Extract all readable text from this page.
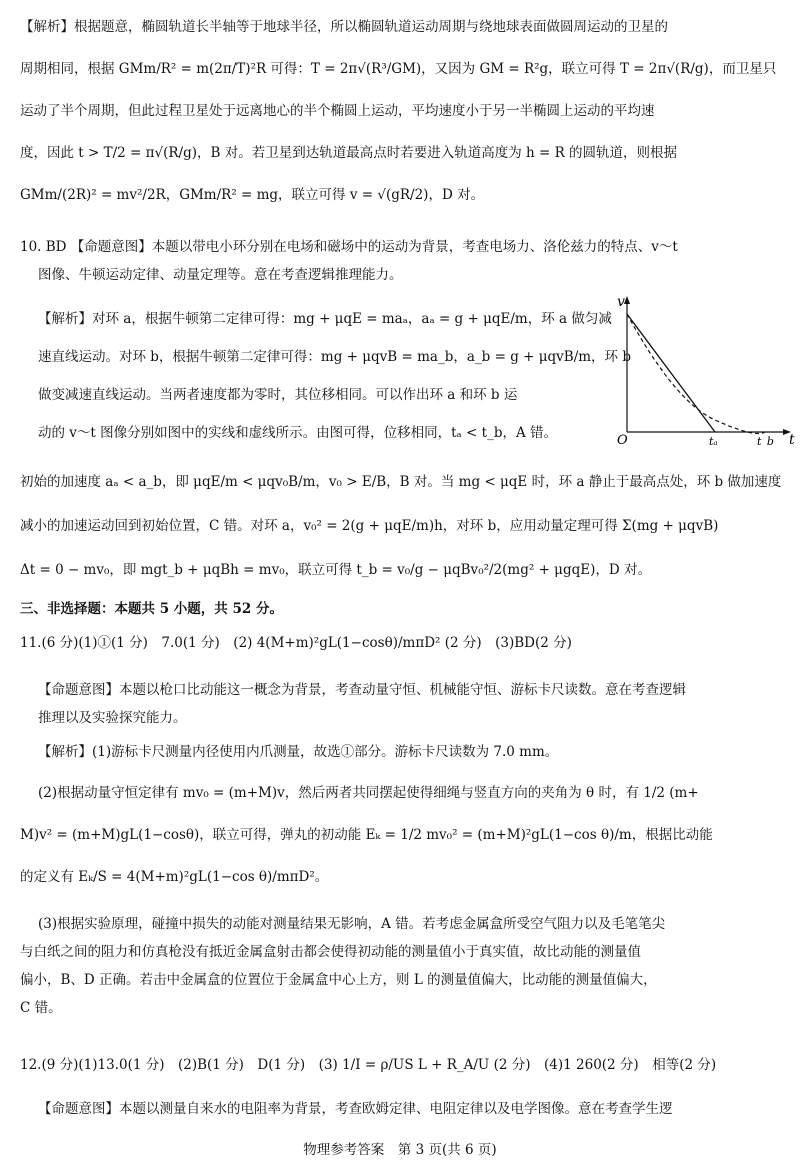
【解析】根据题意，椭圆轨道长半轴等于地球半径，所以椭圆轨道运动周期与绕地球表面做圆周运动的卫星的
周期相同，根据 GMm/R² = m(2π/T)²R 可得：T = 2π√(R³/GM)，又因为 GM = R²g，联立可得 T = 2π√(R/g)，而卫星只
运动了半个周期，但此过程卫星处于远离地心的半个椭圆上运动，平均速度小于另一半椭圆上运动的平均速
度，因此 t > T/2 = π√(R/g)，B 对。若卫星到达轨道最高点时若要进入轨道高度为 h = R 的圆轨道，则根据
GMm/(2R)² = mv²/2R，GMm/R² = mg，联立可得 v = √(gR/2)，D 对。
10. BD 【命题意图】本题以带电小环分别在电场和磁场中的运动为背景，考查电场力、洛伦兹力的特点、v～t
图像、牛顿运动定律、动量定理等。意在考查逻辑推理能力。
【解析】对环 a，根据牛顿第二定律可得：mg + μqE = maₐ，aₐ = g + μqE/m，环 a 做匀减
速直线运动。对环 b，根据牛顿第二定律可得：mg + μqvB = ma_b，a_b = g + μqvB/m，环 b
做变减速直线运动。当两者速度都为零时，其位移相同。可以作出环 a 和环 b 运
动的 v～t 图像分别如图中的实线和虚线所示。由图可得，位移相同，tₐ < t_b，A 错。
v
t
O	tₐ	t_b
初始的加速度 aₐ < a_b，即 μqE/m < μqv₀B/m，v₀ > E/B，B 对。当 mg < μqE 时，环 a 静止于最高点处，环 b 做加速度
减小的加速运动回到初始位置，C 错。对环 a，v₀² = 2(g + μqE/m)h，对环 b，应用动量定理可得 Σ(mg + μqvB)
Δt = 0 − mv₀，即 mgt_b + μqBh = mv₀，联立可得 t_b = v₀/g − μqBv₀²/2(mg² + μgqE)，D 对。
三、非选择题：本题共 5 小题，共 52 分。
11.(6 分)(1)①(1 分)　7.0(1 分)　(2) 4(M+m)²gL(1−cosθ)/mπD² (2 分)　(3)BD(2 分)
【命题意图】本题以枪口比动能这一概念为背景，考查动量守恒、机械能守恒、游标卡尺读数。意在考查逻辑
推理以及实验探究能力。
【解析】(1)游标卡尺测量内径使用内爪测量，故选①部分。游标卡尺读数为 7.0 mm。
(2)根据动量守恒定律有 mv₀ = (m+M)v，然后两者共同摆起使得细绳与竖直方向的夹角为 θ 时，有 1/2 (m+
M)v² = (m+M)gL(1−cosθ)，联立可得，弹丸的初动能 Eₖ = 1/2 mv₀² = (m+M)²gL(1−cos θ)/m，根据比动能
的定义有 Eₖ/S = 4(M+m)²gL(1−cos θ)/mπD²。
(3)根据实验原理，碰撞中损失的动能对测量结果无影响，A 错。若考虑金属盒所受空气阻力以及毛笔笔尖
与白纸之间的阻力和仿真枪没有抵近金属盒射击都会使得初动能的测量值小于真实值，故比动能的测量值
偏小，B、D 正确。若击中金属盒的位置位于金属盒中心上方，则 L 的测量值偏大，比动能的测量值偏大，
C 错。
12.(9 分)(1)13.0(1 分)　(2)B(1 分)　D(1 分)　(3) 1/I = ρ/US L + R_A/U (2 分)　(4)1 260(2 分)　相等(2 分)
【命题意图】本题以测量自来水的电阻率为背景，考查欧姆定律、电阻定律以及电学图像。意在考查学生逻
物理参考答案　第 3 页(共 6 页)
